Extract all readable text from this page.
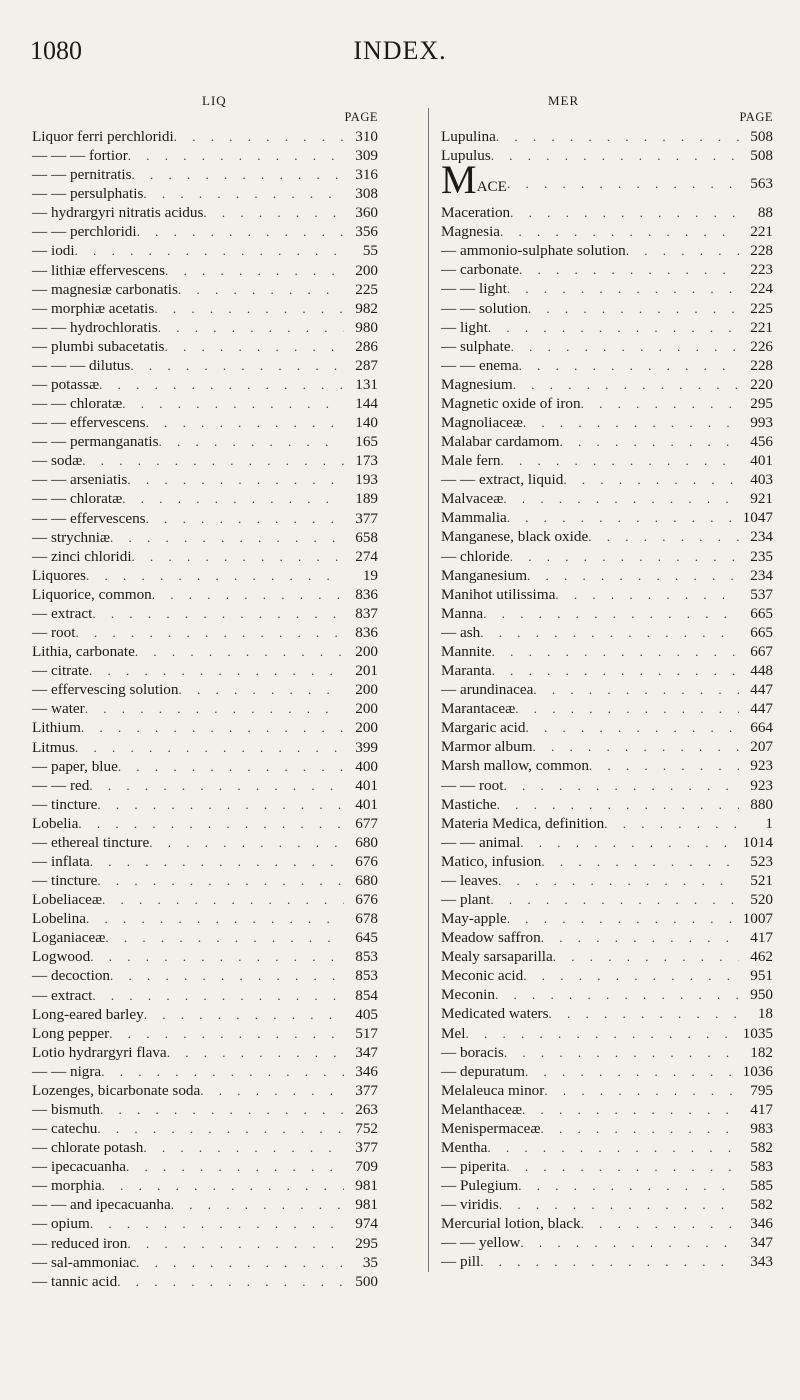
1080	INDEX.
LIQ	MER
PAGE
Liquor ferri perchloridi . . .	310
— — — fortior . . .	309
— — pernitratis . . .	316
— — persulphatis . . .	308
— hydrargyri nitratis acidus . . .	360
— — perchloridi . . .	356
— iodi . . .	55
— lithiæ effervescens . . .	200
— magnesiæ carbonatis . . .	225
— morphiæ acetatis . . .	982
— — hydrochloratis . . .	980
— plumbi subacetatis . . .	286
— — — dilutus . . .	287
— potassæ . . .	131
— — chloratæ . . .	144
— — effervescens . . .	140
— — permanganatis . . .	165
— sodæ . . .	173
— — arseniatis . . .	193
— — chloratæ . . .	189
— — effervescens . . .	377
— strychniæ . . .	658
— zinci chloridi . . .	274
Liquores . . .	19
Liquorice, common . . .	836
— extract . . .	837
— root . . .	836
Lithia, carbonate . . .	200
— citrate . . .	201
— effervescing solution . . .	200
— water . . .	200
Lithium . . .	200
Litmus . . .	399
— paper, blue . . .	400
— — red . . .	401
— tincture . . .	401
Lobelia . . .	677
— ethereal tincture . . .	680
— inflata . . .	676
— tincture . . .	680
Lobeliaceæ . . .	676
Lobelina . . .	678
Loganiaceæ . . .	645
Logwood . . .	853
— decoction . . .	853
— extract . . .	854
Long-eared barley . . .	405
Long pepper . . .	517
Lotio hydrargyri flava . . .	347
— — nigra . . .	346
Lozenges, bicarbonate soda . . .	377
— bismuth . . .	263
— catechu . . .	752
— chlorate potash . . .	377
— ipecacuanha . . .	709
— morphia . . .	981
— — and ipecacuanha . . .	981
— opium . . .	974
— reduced iron . . .	295
— sal-ammoniac . . .	35
— tannic acid . . .	500
PAGE
Lupulina . . .	508
Lupulus . . .	508
MACE . . .	563
Maceration . . .	88
Magnesia . . .	221
— ammonio-sulphate solution . . .	228
— carbonate . . .	223
— — light . . .	224
— — solution . . .	225
— light . . .	221
— sulphate . . .	226
— — enema . . .	228
Magnesium . . .	220
Magnetic oxide of iron . . .	295
Magnoliaceæ . . .	993
Malabar cardamom . . .	456
Male fern . . .	401
— — extract, liquid . . .	403
Malvaceæ . . .	921
Mammalia . . .	1047
Manganese, black oxide . . .	234
— chloride . . .	235
Manganesium . . .	234
Manihot utilissima . . .	537
Manna . . .	665
— ash . . .	665
Mannite . . .	667
Maranta . . .	448
— arundinacea . . .	447
Marantaceæ . . .	447
Margaric acid . . .	664
Marmor album . . .	207
Marsh mallow, common . . .	923
— — root . . .	923
Mastiche . . .	880
Materia Medica, definition . . .	1
— — animal . . .	1014
Matico, infusion . . .	523
— leaves . . .	521
— plant . . .	520
May-apple . . .	1007
Meadow saffron . . .	417
Mealy sarsaparilla . . .	462
Meconic acid . . .	951
Meconin . . .	950
Medicated waters . . .	18
Mel . . .	1035
— boracis . . .	182
— depuratum . . .	1036
Melaleuca minor . . .	795
Melanthaceæ . . .	417
Menispermaceæ . . .	983
Mentha . . .	582
— piperita . . .	583
— Pulegium . . .	585
— viridis . . .	582
Mercurial lotion, black . . .	346
— — yellow . . .	347
— pill . . .	343
